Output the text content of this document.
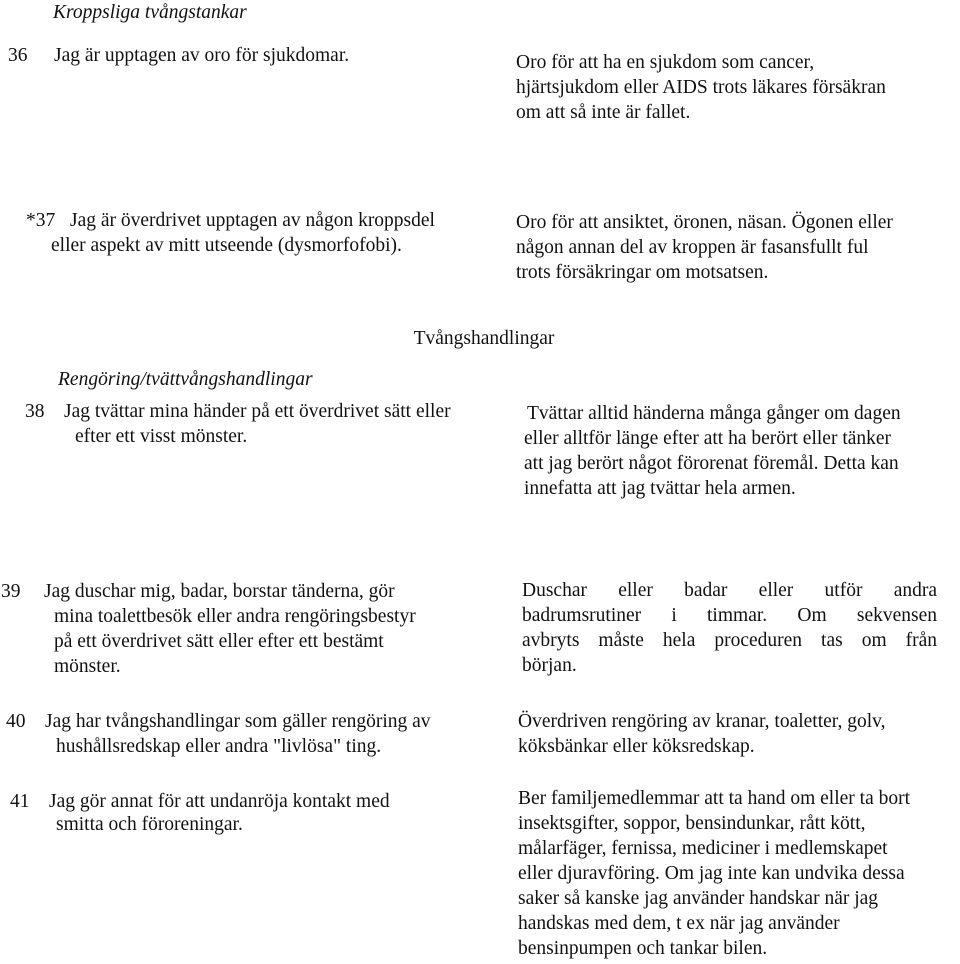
Kroppsliga tvångstankar
36 Jag är upptagen av oro för sjukdomar.	Oro för att ha en sjukdom som cancer,
hjärtsjukdom eller AIDS trots läkares försäkran
om att så inte är fallet.
*37 Jag är överdrivet upptagen av någon kroppsdel
eller aspekt av mitt utseende (dysmorfofobi).
Oro för att ansiktet, öronen, näsan. Ögonen eller
någon annan del av kroppen är fasansfullt ful
trots försäkringar om motsatsen.
Tvångshandlingar
Rengöring/tvättvångshandlingar
38 Jag tvättar mina händer på ett överdrivet sätt eller
efter ett visst mönster.
Tvättar alltid händerna många gånger om dagen
eller alltför länge efter att ha berört eller tänker
att jag berört något förorenat föremål. Detta kan
innefatta att jag tvättar hela armen.
39 Jag duschar mig, badar, borstar tänderna, gör
mina toalettbesök eller andra rengöringsbestyr
på ett överdrivet sätt eller efter ett bestämt
mönster.
Duschar eller badar eller utför andra
badrumsrutiner i timmar. Om sekvensen
avbryts måste hela proceduren tas om från
början.
40 Jag har tvångshandlingar som gäller rengöring av
hushållsredskap eller andra "livlösa" ting.
Överdriven rengöring av kranar, toaletter, golv,
köksbänkar eller köksredskap.
41 Jag gör annat för att undanröja kontakt med
smitta och föroreningar.
Ber familjemedlemmar att ta hand om eller ta bort
insektsgifter, soppor, bensindunkar, rått kött,
målarfäger, fernissa, mediciner i medlemskapet
eller djuravföring. Om jag inte kan undvika dessa
saker så kanske jag använder handskar när jag
handskas med dem, t ex när jag använder
bensinpumpen och tankar bilen.
